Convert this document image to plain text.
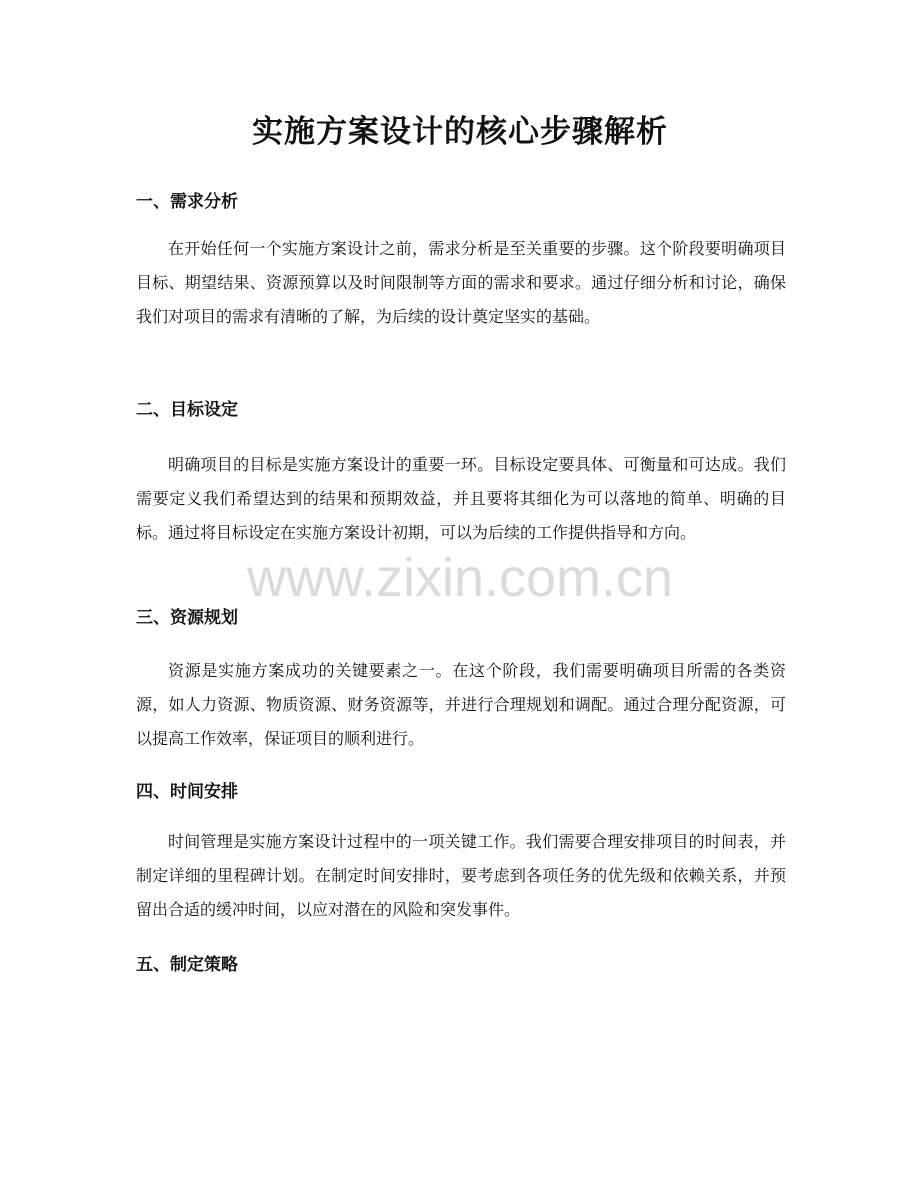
实施方案设计的核心步骤解析
一、需求分析

在开始任何一个实施方案设计之前，需求分析是至关重要的步骤。这个阶段要明确项目目标、期望结果、资源预算以及时间限制等方面的需求和要求。通过仔细分析和讨论，确保我们对项目的需求有清晰的了解，为后续的设计奠定坚实的基础。

二、目标设定

明确项目的目标是实施方案设计的重要一环。目标设定要具体、可衡量和可达成。我们需要定义我们希望达到的结果和预期效益，并且要将其细化为可以落地的简单、明确的目标。通过将目标设定在实施方案设计初期，可以为后续的工作提供指导和方向。

三、资源规划

资源是实施方案成功的关键要素之一。在这个阶段，我们需要明确项目所需的各类资源，如人力资源、物质资源、财务资源等，并进行合理规划和调配。通过合理分配资源，可以提高工作效率，保证项目的顺利进行。

四、时间安排

时间管理是实施方案设计过程中的一项关键工作。我们需要合理安排项目的时间表，并制定详细的里程碑计划。在制定时间安排时，要考虑到各项任务的优先级和依赖关系，并预留出合适的缓冲时间，以应对潜在的风险和突发事件。

五、制定策略
www.zixin.com.cn
